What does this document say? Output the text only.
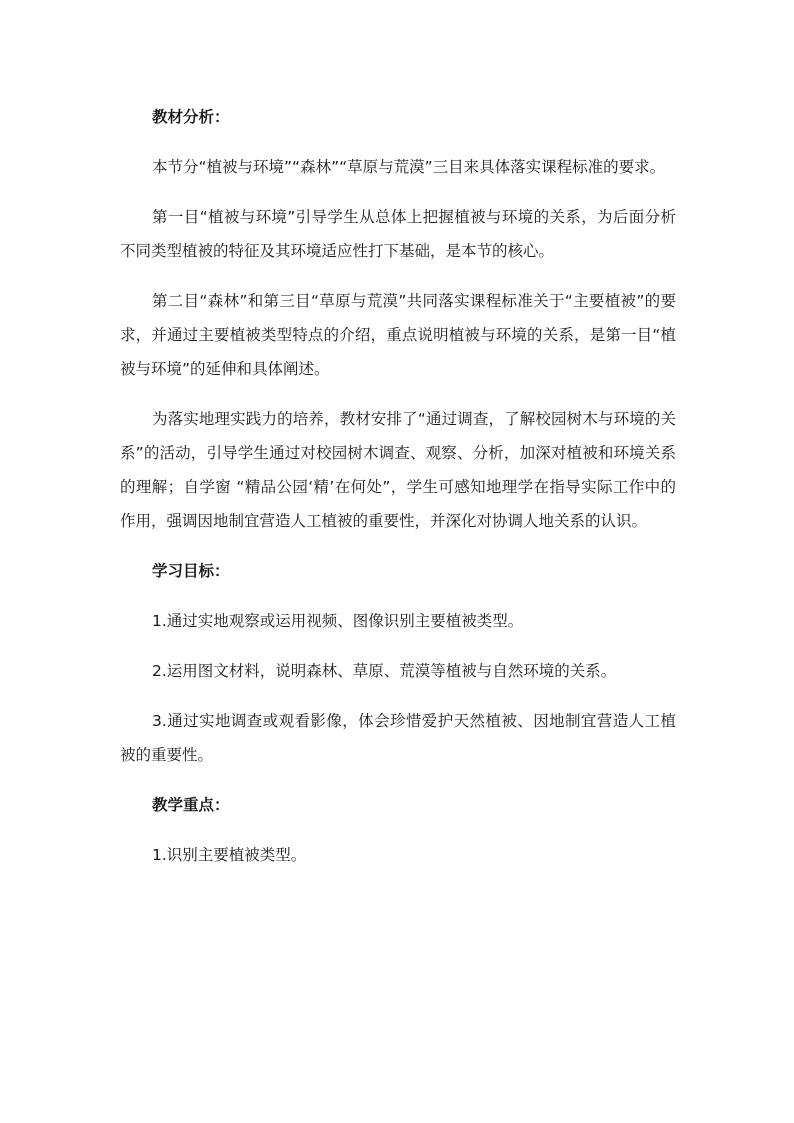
教材分析：

本节分“植被与环境”“森林”“草原与荒漠”三目来具体落实课程标准的要求。

第一目“植被与环境”引导学生从总体上把握植被与环境的关系，为后面分析不同类型植被的特征及其环境适应性打下基础，是本节的核心。

第二目“森林”和第三目“草原与荒漠”共同落实课程标准关于“主要植被”的要求，并通过主要植被类型特点的介绍，重点说明植被与环境的关系，是第一目“植被与环境”的延伸和具体阐述。

为落实地理实践力的培养，教材安排了“通过调查，了解校园树木与环境的关系”的活动，引导学生通过对校园树木调查、观察、分析，加深对植被和环境关系的理解；自学窗 “精品公园‘精’在何处”，学生可感知地理学在指导实际工作中的作用，强调因地制宜营造人工植被的重要性，并深化对协调人地关系的认识。

学习目标：

1.通过实地观察或运用视频、图像识别主要植被类型。

2.运用图文材料，说明森林、草原、荒漠等植被与自然环境的关系。

3.通过实地调查或观看影像，体会珍惜爱护天然植被、因地制宜营造人工植被的重要性。

教学重点：

1.识别主要植被类型。
